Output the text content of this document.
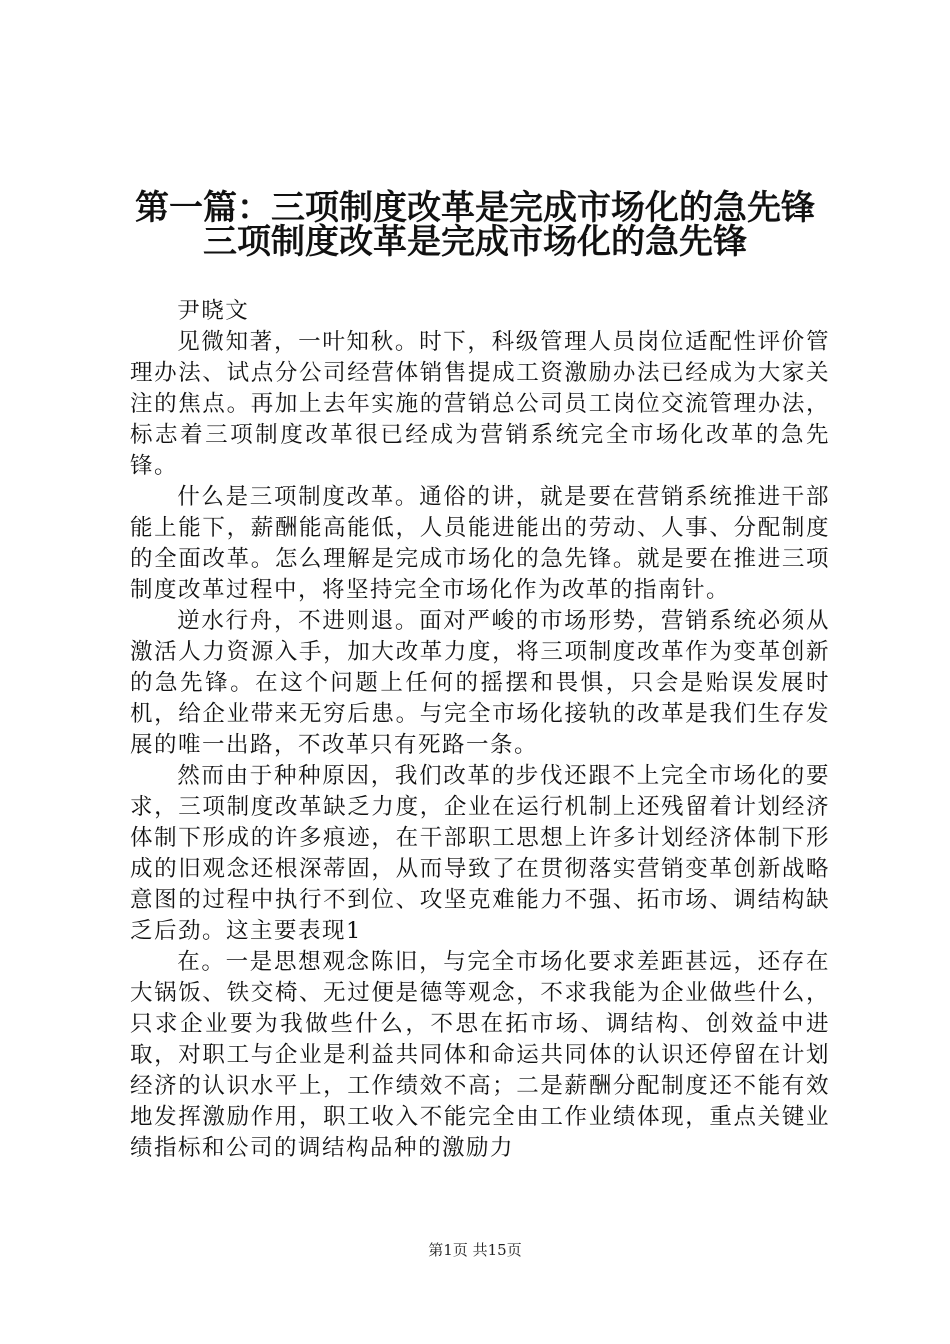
第一篇：三项制度改革是完成市场化的急先锋
三项制度改革是完成市场化的急先锋

尹晓文

见微知著，一叶知秋。时下，科级管理人员岗位适配性评价管理办法、试点分公司经营体销售提成工资激励办法已经成为大家关注的焦点。再加上去年实施的营销总公司员工岗位交流管理办法，标志着三项制度改革很已经成为营销系统完全市场化改革的急先锋。

什么是三项制度改革。通俗的讲，就是要在营销系统推进干部能上能下，薪酬能高能低，人员能进能出的劳动、人事、分配制度的全面改革。怎么理解是完成市场化的急先锋。就是要在推进三项制度改革过程中，将坚持完全市场化作为改革的指南针。

逆水行舟，不进则退。面对严峻的市场形势，营销系统必须从激活人力资源入手，加大改革力度，将三项制度改革作为变革创新的急先锋。在这个问题上任何的摇摆和畏惧，只会是贻误发展时机，给企业带来无穷后患。与完全市场化接轨的改革是我们生存发展的唯一出路，不改革只有死路一条。

然而由于种种原因，我们改革的步伐还跟不上完全市场化的要求，三项制度改革缺乏力度，企业在运行机制上还残留着计划经济体制下形成的许多痕迹，在干部职工思想上许多计划经济体制下形成的旧观念还根深蒂固，从而导致了在贯彻落实营销变革创新战略意图的过程中执行不到位、攻坚克难能力不强、拓市场、调结构缺乏后劲。这主要表现1

在。一是思想观念陈旧，与完全市场化要求差距甚远，还存在大锅饭、铁交椅、无过便是德等观念，不求我能为企业做些什么，只求企业要为我做些什么，不思在拓市场、调结构、创效益中进取，对职工与企业是利益共同体和命运共同体的认识还停留在计划经济的认识水平上，工作绩效不高；二是薪酬分配制度还不能有效地发挥激励作用，职工收入不能完全由工作业绩体现，重点关键业绩指标和公司的调结构品种的激励力

第1页 共15页
